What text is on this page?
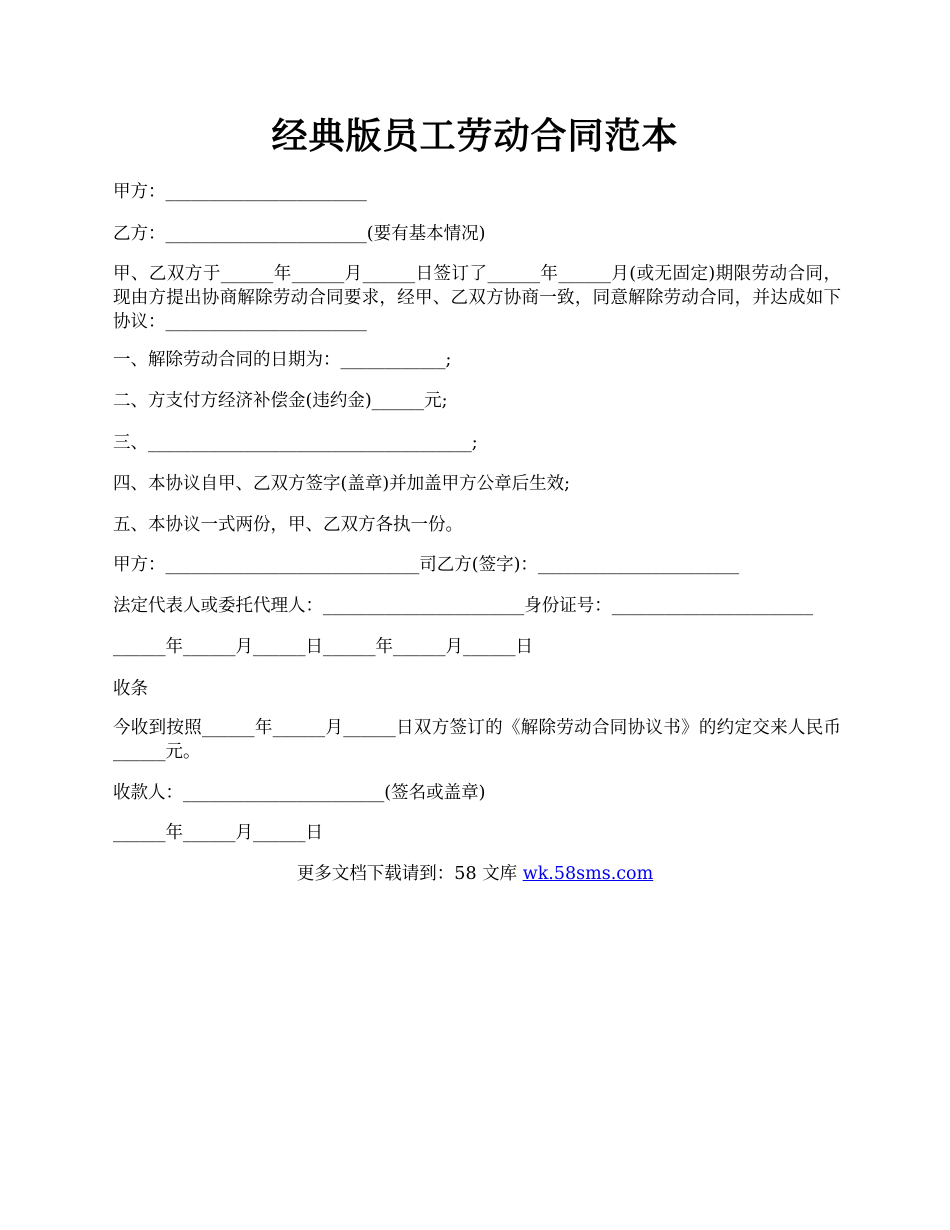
经典版员工劳动合同范本
甲方：_______________________
乙方：_______________________(要有基本情况)
甲、乙双方于______年______月______日签订了______年______月(或无固定)期限劳动合同，现由方提出协商解除劳动合同要求，经甲、乙双方协商一致，同意解除劳动合同，并达成如下协议：_______________________
一、解除劳动合同的日期为：____________;
二、方支付方经济补偿金(违约金)______元;
三、_____________________________________;
四、本协议自甲、乙双方签字(盖章)并加盖甲方公章后生效;
五、本协议一式两份，甲、乙双方各执一份。
甲方：_____________________________司乙方(签字)：_______________________
法定代表人或委托代理人：_______________________身份证号：_______________________
______年______月______日______年______月______日
收条
今收到按照______年______月______日双方签订的《解除劳动合同协议书》的约定交来人民币______元。
收款人：_______________________(签名或盖章)
______年______月______日
更多文档下载请到：58 文库 wk.58sms.com
